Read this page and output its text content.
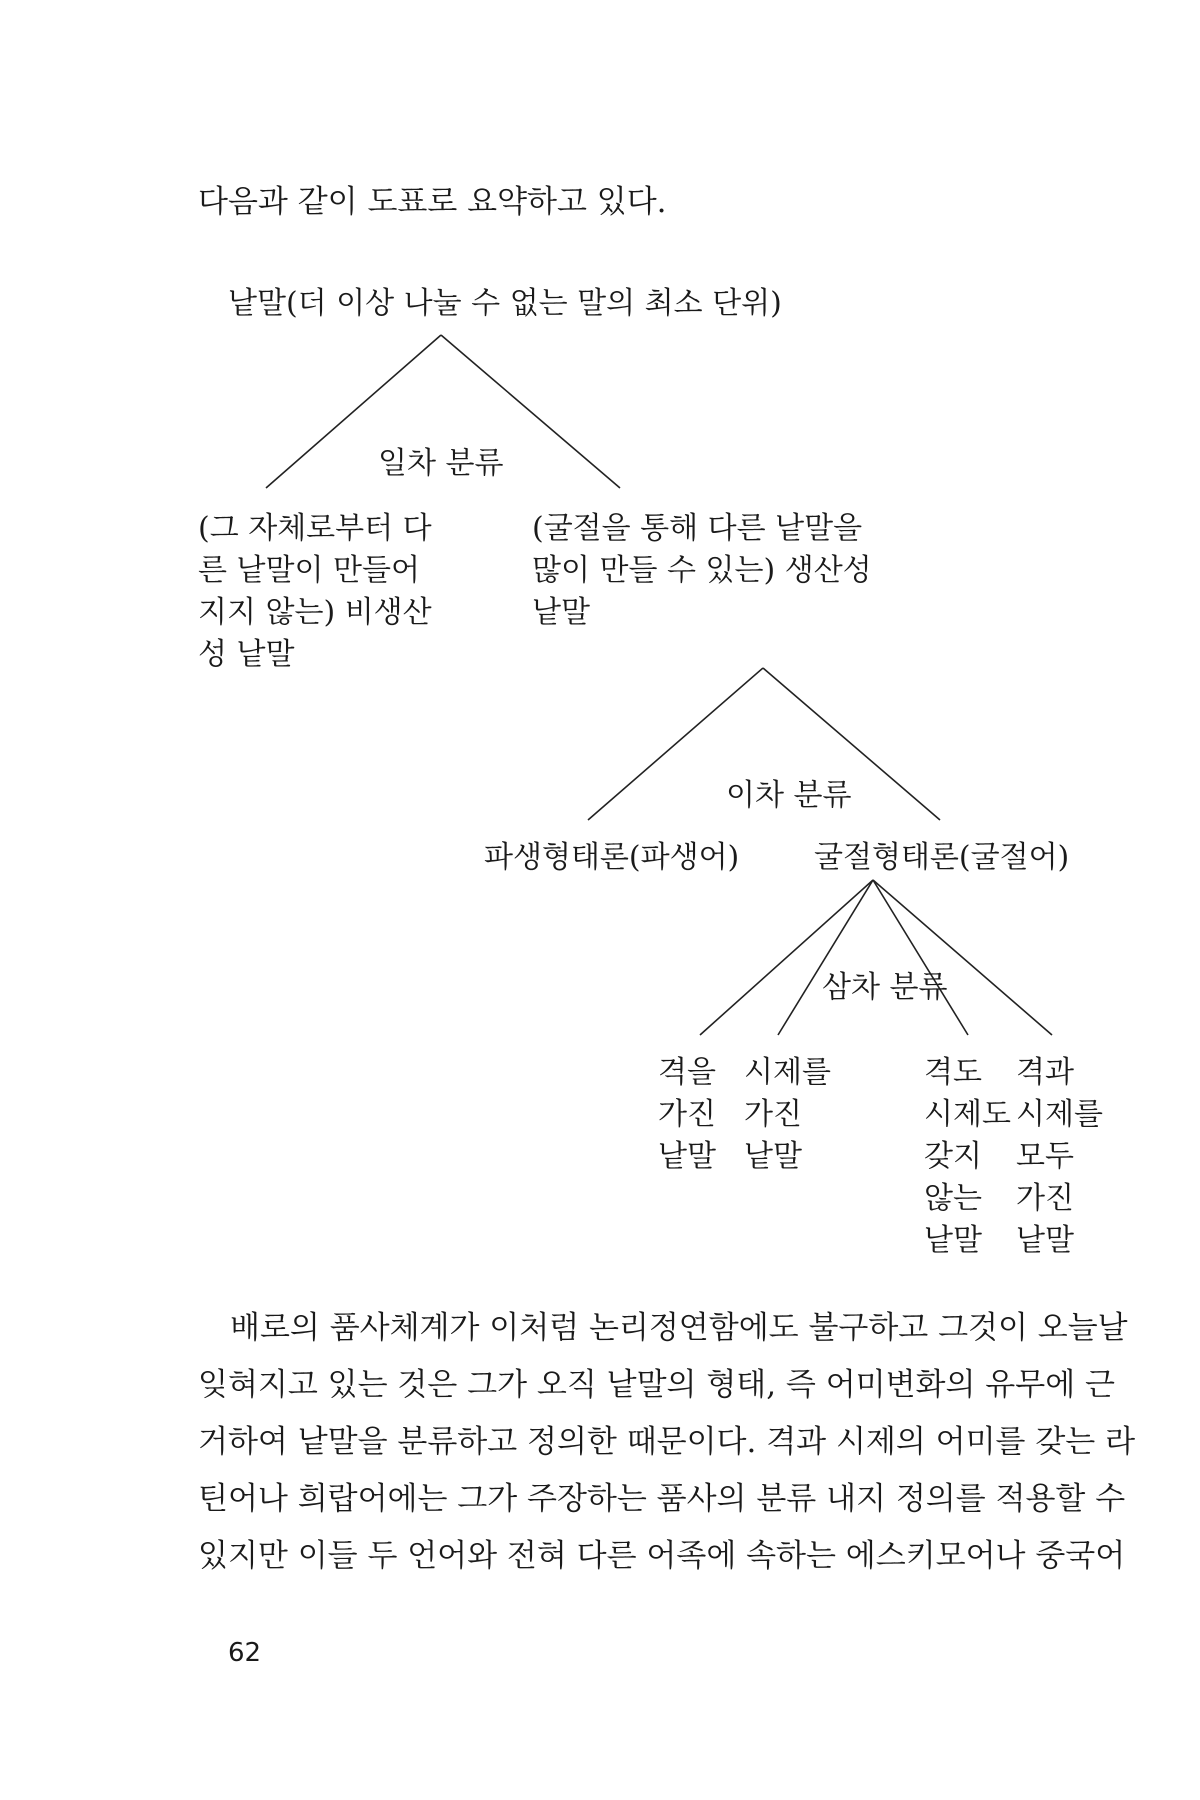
다음과 같이 도표로 요약하고 있다.
낱말(더 이상 나눌 수 없는 말의 최소 단위)
일차 분류
(그 자체로부터 다
른 낱말이 만들어
지지 않는) 비생산
성 낱말
(굴절을 통해 다른 낱말을
많이 만들 수 있는) 생산성
낱말
이차 분류
파생형태론(파생어) 굴절형태론(굴절어)
삼차 분류
격을
가진
낱말
시제를
가진
낱말
격도
시제도
갖지
않는
낱말
격과
시제를
모두
가진
낱말
배로의 품사체계가 이처럼 논리정연함에도 불구하고 그것이 오늘날
잊혀지고 있는 것은 그가 오직 낱말의 형태, 즉 어미변화의 유무에 근
거하여 낱말을 분류하고 정의한 때문이다. 격과 시제의 어미를 갖는 라
틴어나 희랍어에는 그가 주장하는 품사의 분류 내지 정의를 적용할 수
있지만 이들 두 언어와 전혀 다른 어족에 속하는 에스키모어나 중국어
62
